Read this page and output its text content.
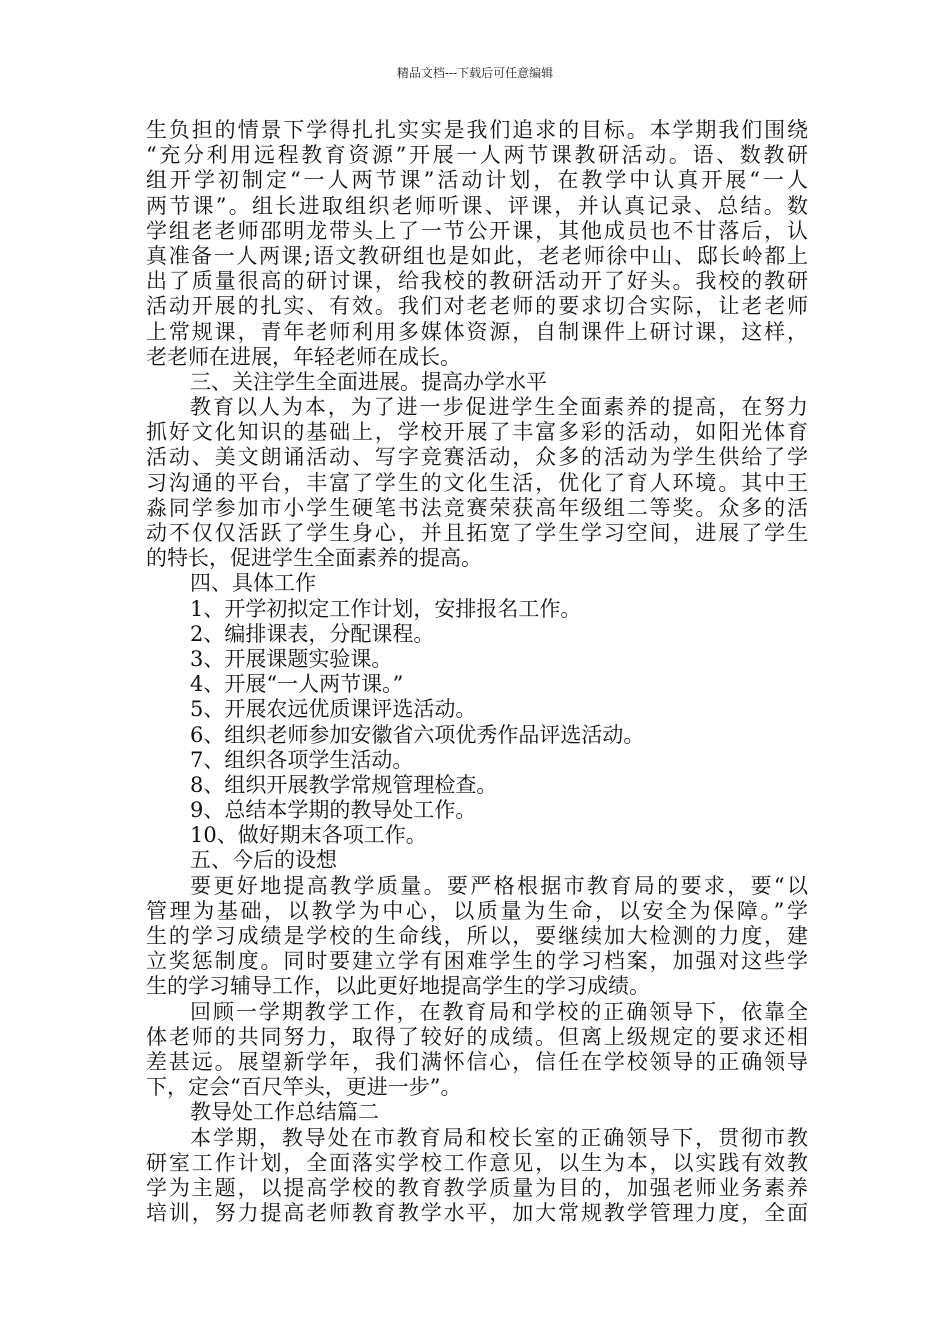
精品文档---下载后可任意编辑
生负担的情景下学得扎扎实实是我们追求的目标。本学期我们围绕
“充分利用远程教育资源”开展一人两节课教研活动。语、数教研
组开学初制定“一人两节课”活动计划，在教学中认真开展“一人
两节课”。组长进取组织老师听课、评课，并认真记录、总结。数
学组老老师邵明龙带头上了一节公开课，其他成员也不甘落后，认
真准备一人两课;语文教研组也是如此，老老师徐中山、邸长岭都上
出了质量很高的研讨课，给我校的教研活动开了好头。我校的教研
活动开展的扎实、有效。我们对老老师的要求切合实际，让老老师
上常规课，青年老师利用多媒体资源，自制课件上研讨课，这样，
老老师在进展，年轻老师在成长。
三、关注学生全面进展。提高办学水平
教育以人为本，为了进一步促进学生全面素养的提高，在努力
抓好文化知识的基础上，学校开展了丰富多彩的活动，如阳光体育
活动、美文朗诵活动、写字竞赛活动，众多的活动为学生供给了学
习沟通的平台，丰富了学生的文化生活，优化了育人环境。其中王
淼同学参加市小学生硬笔书法竞赛荣获高年级组二等奖。众多的活
动不仅仅活跃了学生身心，并且拓宽了学生学习空间，进展了学生
的特长，促进学生全面素养的提高。
四、具体工作
1、开学初拟定工作计划，安排报名工作。
2、编排课表，分配课程。
3、开展课题实验课。
4、开展“一人两节课。”
5、开展农远优质课评选活动。
6、组织老师参加安徽省六项优秀作品评选活动。
7、组织各项学生活动。
8、组织开展教学常规管理检查。
9、总结本学期的教导处工作。
10、做好期末各项工作。
五、今后的设想
要更好地提高教学质量。要严格根据市教育局的要求，要“以
管理为基础，以教学为中心，以质量为生命，以安全为保障。”学
生的学习成绩是学校的生命线，所以，要继续加大检测的力度，建
立奖惩制度。同时要建立学有困难学生的学习档案，加强对这些学
生的学习辅导工作，以此更好地提高学生的学习成绩。
回顾一学期教学工作，在教育局和学校的正确领导下，依靠全
体老师的共同努力，取得了较好的成绩。但离上级规定的要求还相
差甚远。展望新学年，我们满怀信心，信任在学校领导的正确领导
下，定会“百尺竿头，更进一步”。
教导处工作总结篇二
本学期，教导处在市教育局和校长室的正确领导下，贯彻市教
研室工作计划，全面落实学校工作意见，以生为本，以实践有效教
学为主题，以提高学校的教育教学质量为目的，加强老师业务素养
培训，努力提高老师教育教学水平，加大常规教学管理力度，全面
